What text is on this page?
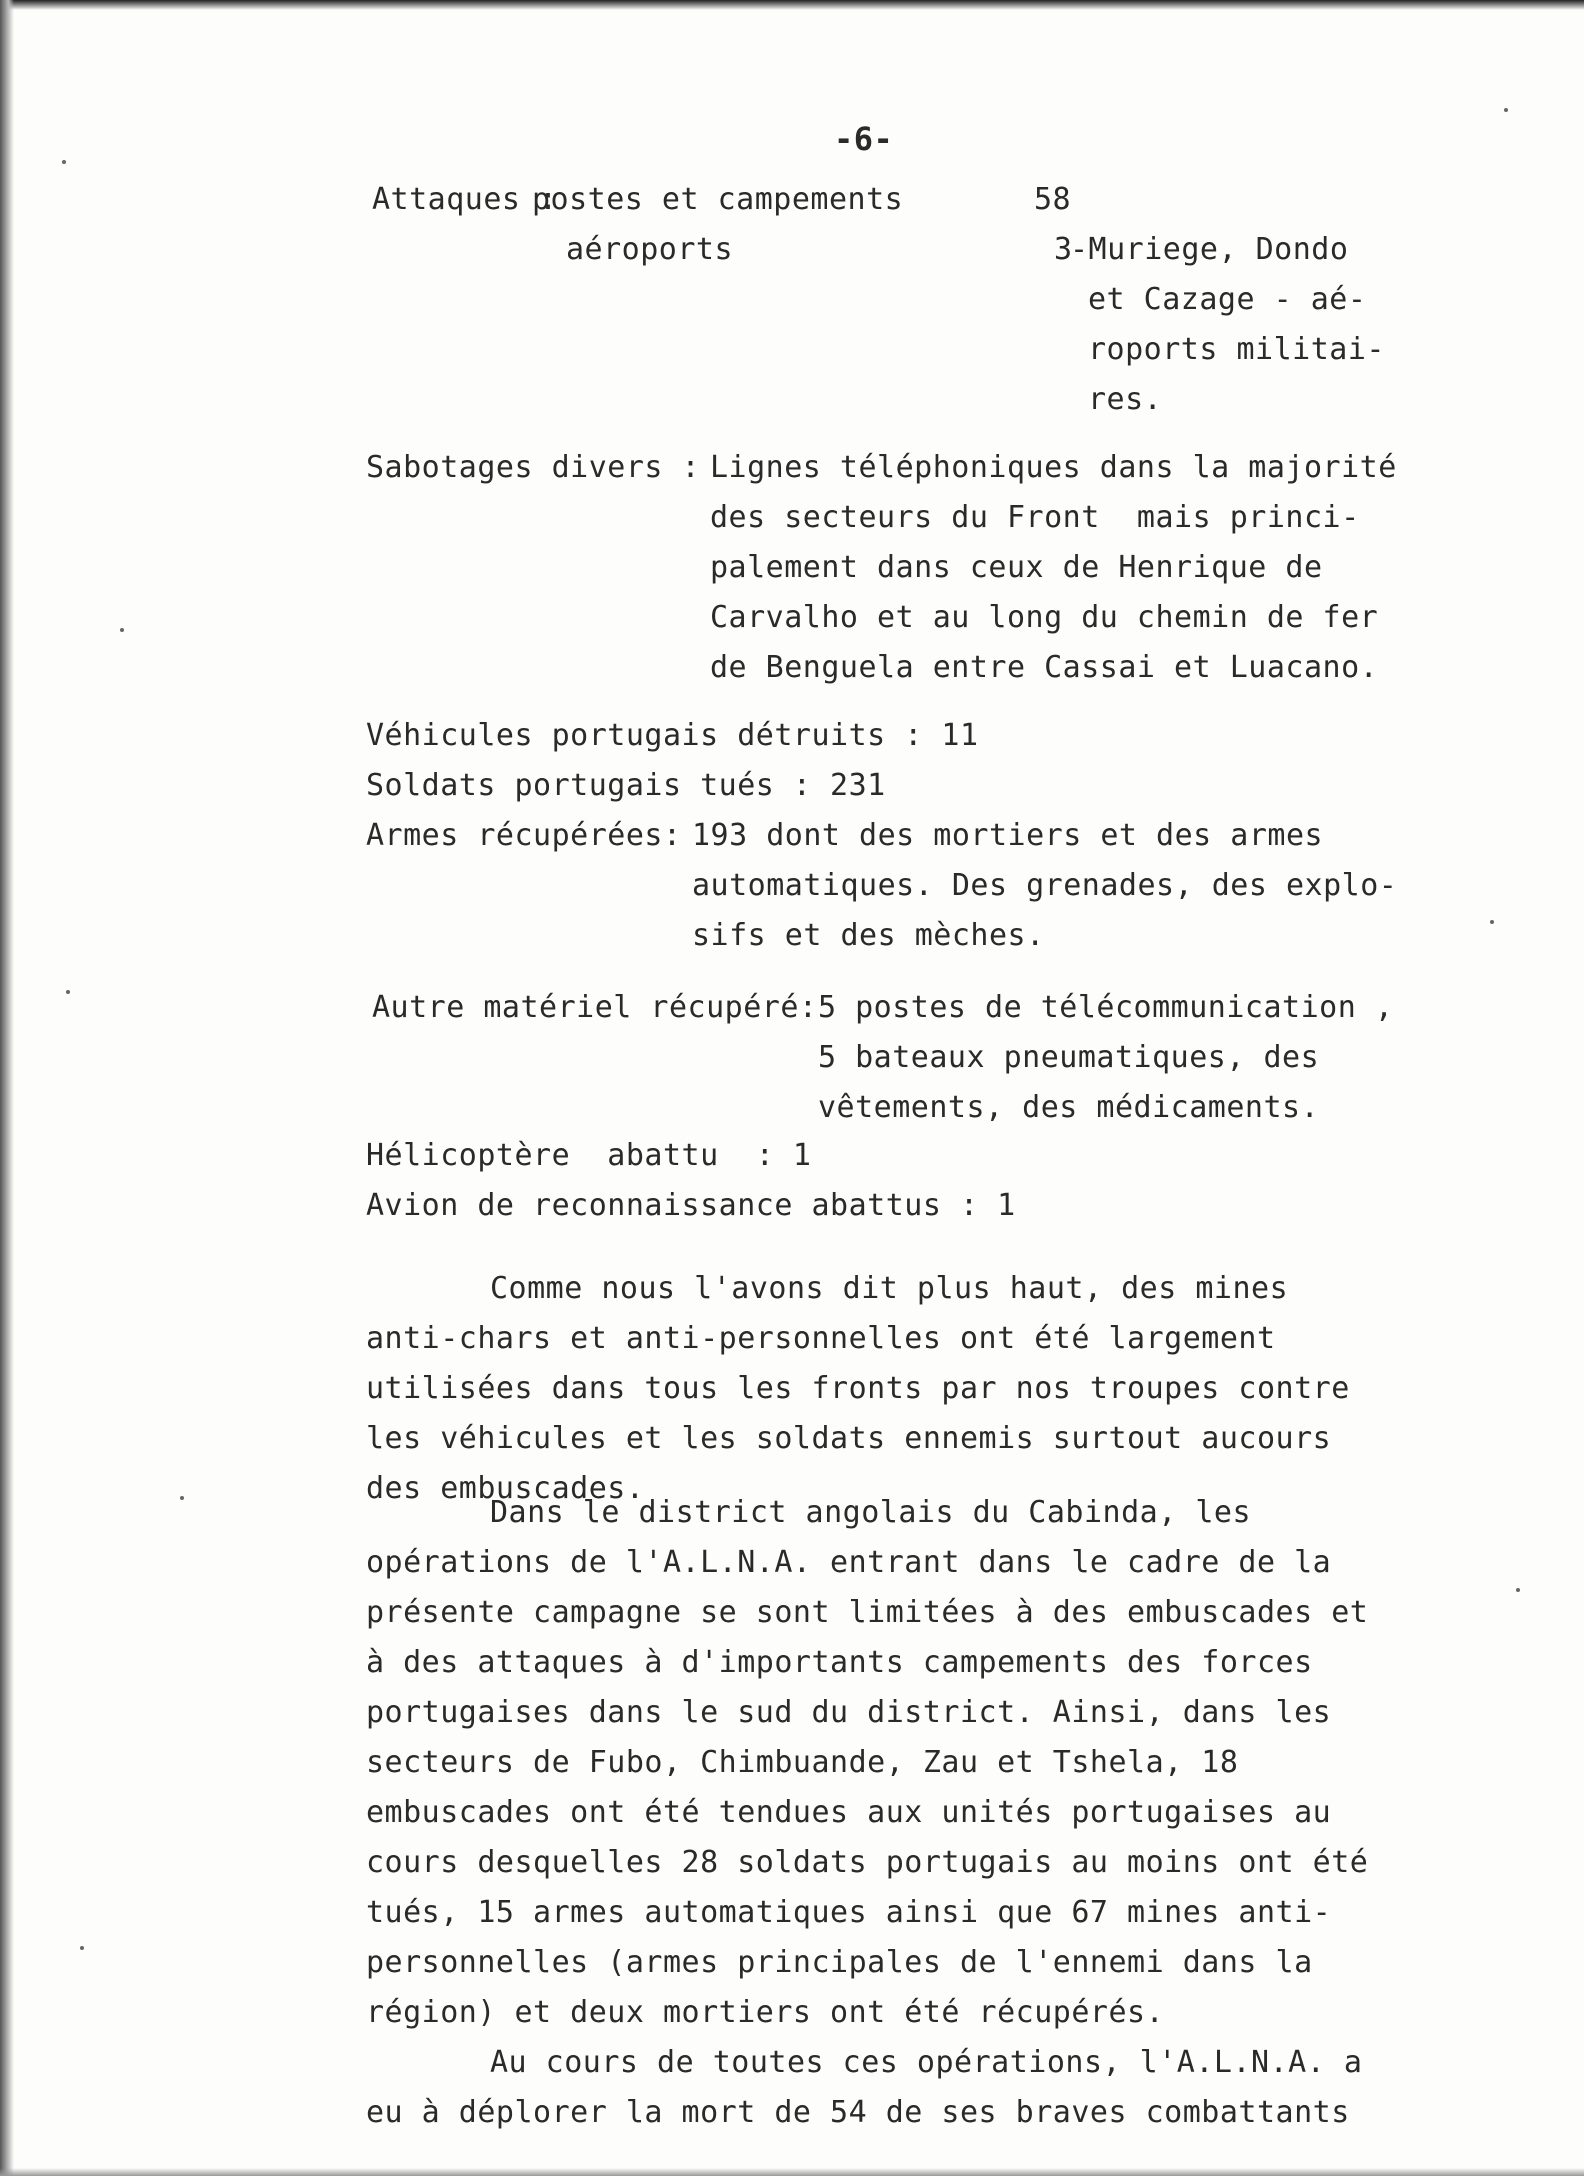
-6-
Attaques :
postes et campements	58
aéroports	3
-Muriege, Dondo
et Cazage - aé-
roports militai-
res.
Sabotages divers : Lignes téléphoniques dans la majorité
des secteurs du Front  mais princi-
palement dans ceux de Henrique de
Carvalho et au long du chemin de fer
de Benguela entre Cassai et Luacano.
Véhicules portugais détruits : 11
Soldats portugais tués : 231
Armes récupérées: 193 dont des mortiers et des armes
automatiques. Des grenades, des explo-
sifs et des mèches.
Autre matériel récupéré: 5 postes de télécommunication ,
5 bateaux pneumatiques, des
vêtements, des médicaments.
Hélicoptère  abattu  : 1
Avion de reconnaissance abattus : 1

Comme nous l'avons dit plus haut, des mines anti-chars et anti-personnelles ont été largement utilisées dans tous les fronts par nos troupes contre les véhicules et les soldats ennemis surtout aucours des embuscades.

Dans le district angolais du Cabinda, les opérations de l'A.L.N.A. entrant dans le cadre de la présente campagne se sont limitées à des embuscades et à des attaques à d'importants campements des forces portugaises dans le sud du district. Ainsi, dans les secteurs de Fubo, Chimbuande, Zau et Tshela, 18 embuscades ont été tendues aux unités portugaises au cours desquelles 28 soldats portugais au moins ont été tués, 15 armes automatiques ainsi que 67 mines anti-personnelles (armes principales de l'ennemi dans la région) et deux mortiers ont été récupérés.

Au cours de toutes ces opérations, l'A.L.N.A. a eu à déplorer la mort de 54 de ses braves combattants
